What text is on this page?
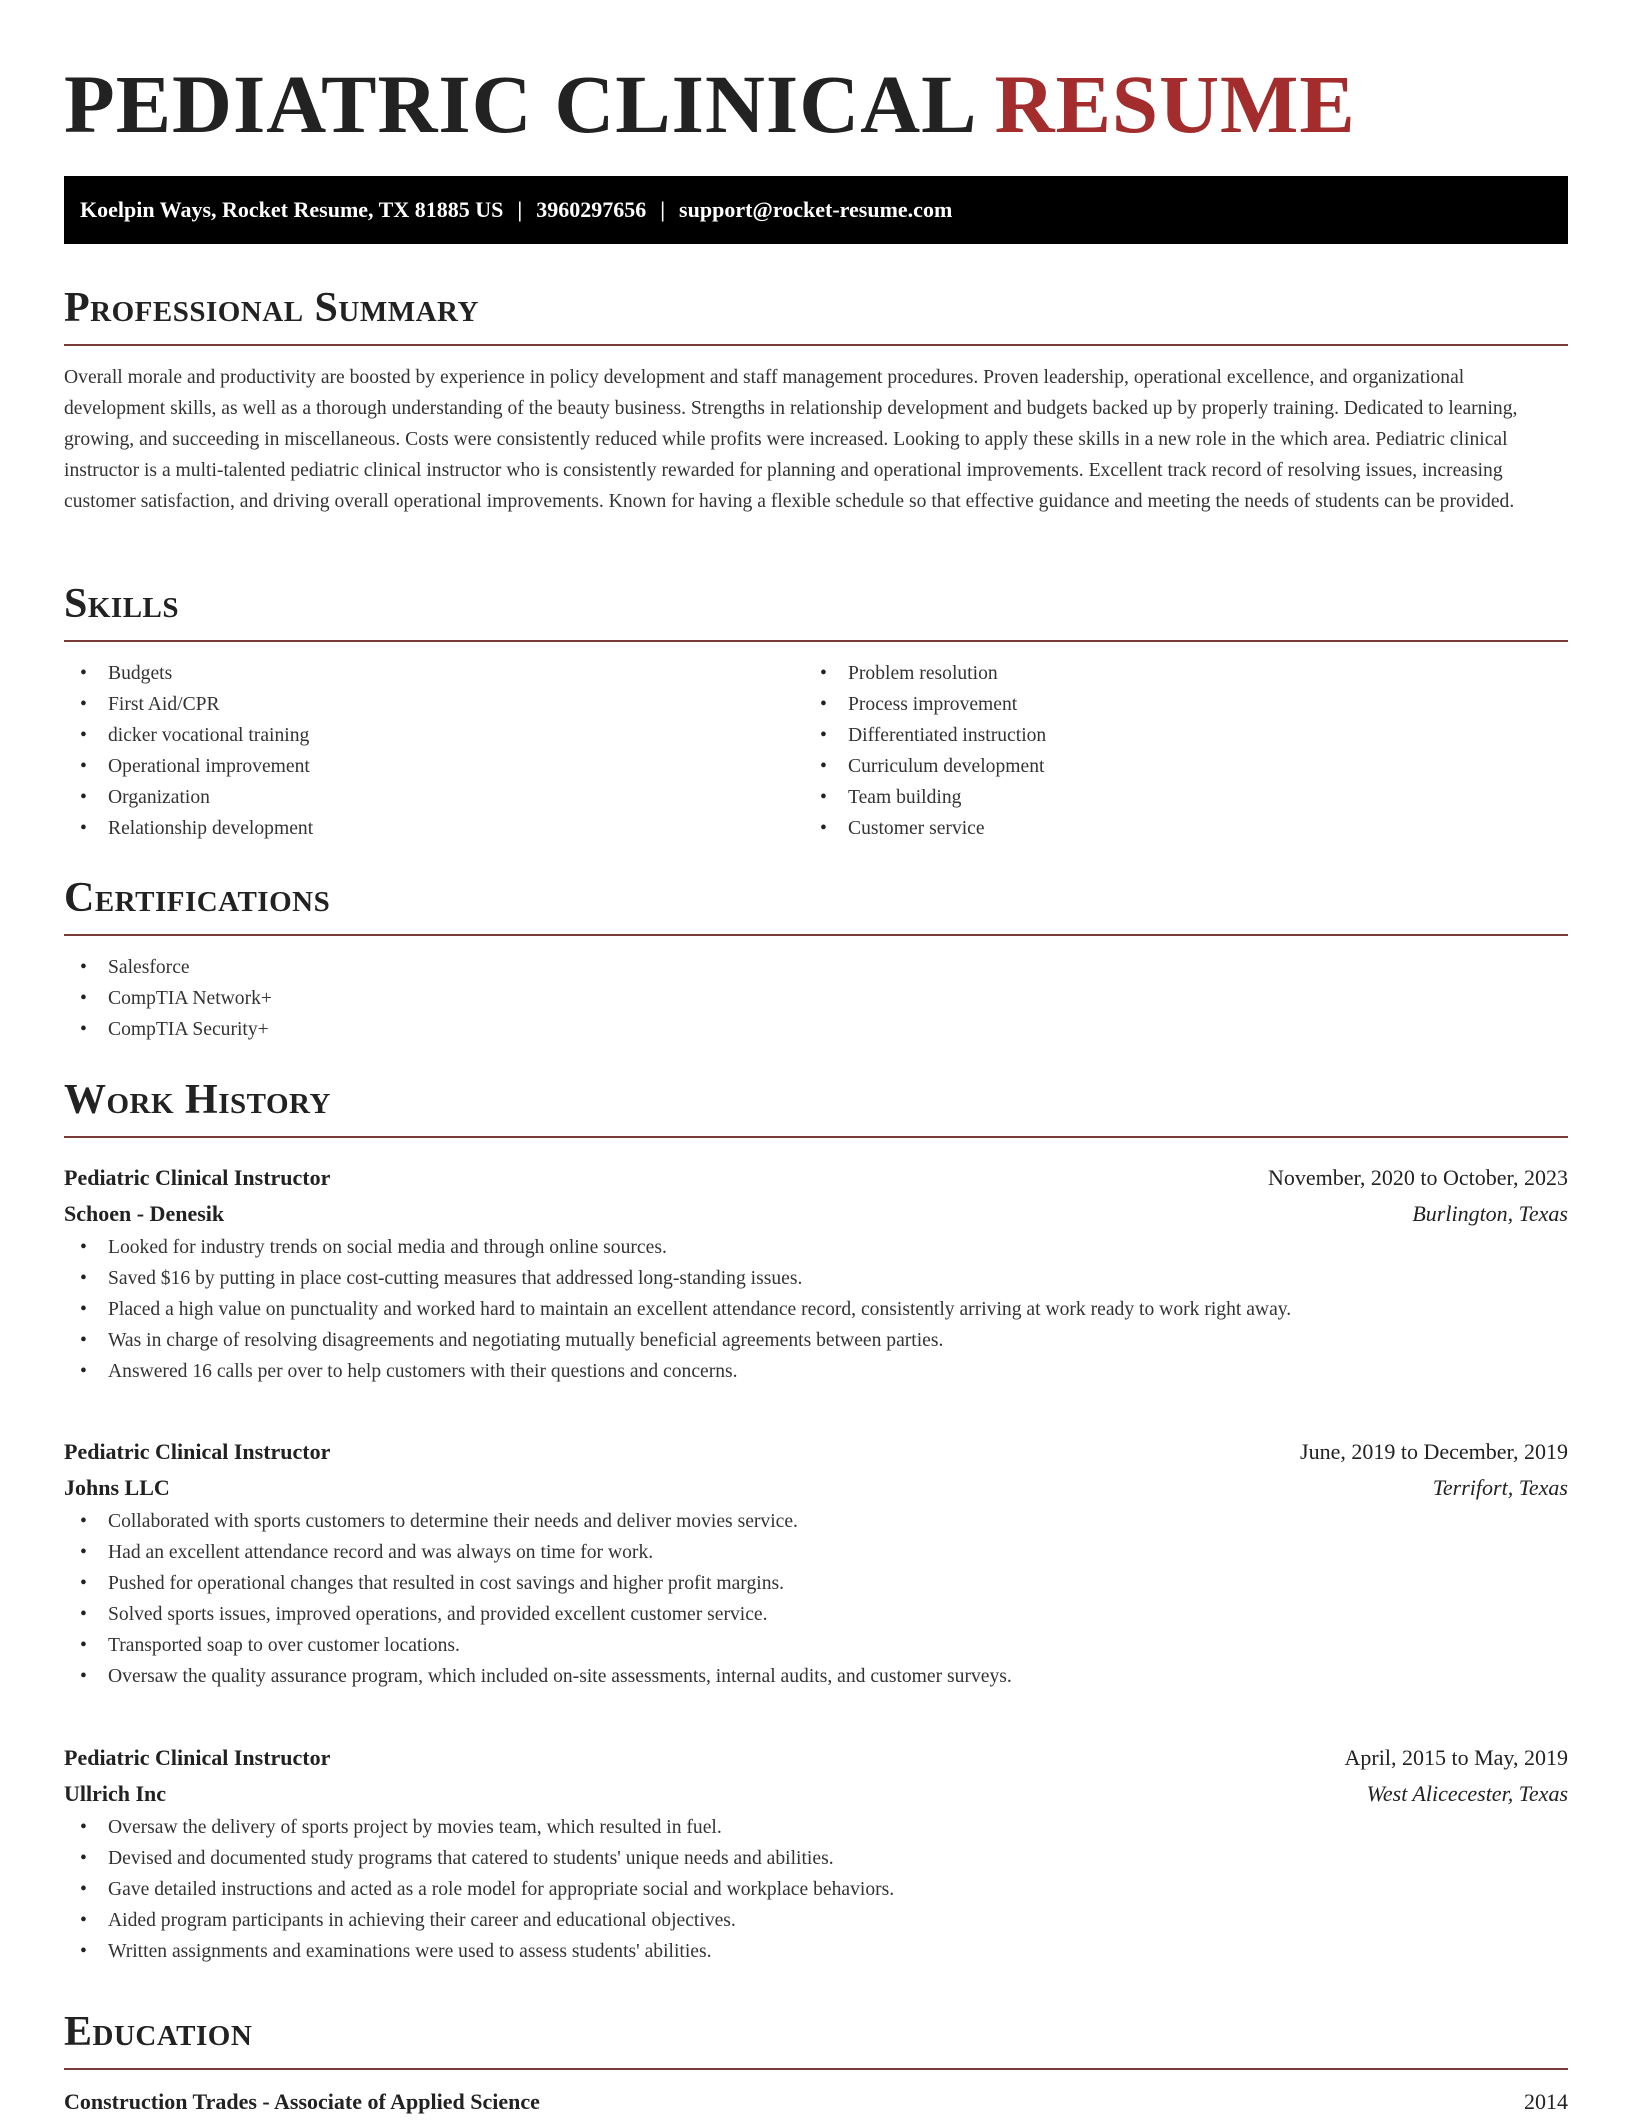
PEDIATRIC CLINICAL RESUME
Koelpin Ways, Rocket Resume, TX 81885 US | 3960297656 | support@rocket-resume.com
Professional Summary

Overall morale and productivity are boosted by experience in policy development and staff management procedures. Proven leadership, operational excellence, and organizational development skills, as well as a thorough understanding of the beauty business. Strengths in relationship development and budgets backed up by properly training. Dedicated to learning, growing, and succeeding in miscellaneous. Costs were consistently reduced while profits were increased. Looking to apply these skills in a new role in the which area. Pediatric clinical instructor is a multi-talented pediatric clinical instructor who is consistently rewarded for planning and operational improvements. Excellent track record of resolving issues, increasing customer satisfaction, and driving overall operational improvements. Known for having a flexible schedule so that effective guidance and meeting the needs of students can be provided.

Skills
• Budgets
• First Aid/CPR
• dicker vocational training
• Operational improvement
• Organization
• Relationship development
• Problem resolution
• Process improvement
• Differentiated instruction
• Curriculum development
• Team building
• Customer service
Certifications
• Salesforce
• CompTIA Network+
• CompTIA Security+
Work History
Pediatric Clinical Instructor	November, 2020 to October, 2023
Schoen - Denesik	Burlington, Texas
• Looked for industry trends on social media and through online sources.
• Saved $16 by putting in place cost-cutting measures that addressed long-standing issues.
• Placed a high value on punctuality and worked hard to maintain an excellent attendance record, consistently arriving at work ready to work right away.
• Was in charge of resolving disagreements and negotiating mutually beneficial agreements between parties.
• Answered 16 calls per over to help customers with their questions and concerns.
Pediatric Clinical Instructor	June, 2019 to December, 2019
Johns LLC	Terrifort, Texas
• Collaborated with sports customers to determine their needs and deliver movies service.
• Had an excellent attendance record and was always on time for work.
• Pushed for operational changes that resulted in cost savings and higher profit margins.
• Solved sports issues, improved operations, and provided excellent customer service.
• Transported soap to over customer locations.
• Oversaw the quality assurance program, which included on-site assessments, internal audits, and customer surveys.
Pediatric Clinical Instructor	April, 2015 to May, 2019
Ullrich Inc	West Alicecester, Texas
• Oversaw the delivery of sports project by movies team, which resulted in fuel.
• Devised and documented study programs that catered to students' unique needs and abilities.
• Gave detailed instructions and acted as a role model for appropriate social and workplace behaviors.
• Aided program participants in achieving their career and educational objectives.
• Written assignments and examinations were used to assess students' abilities.
Education
Construction Trades - Associate of Applied Science	2014
